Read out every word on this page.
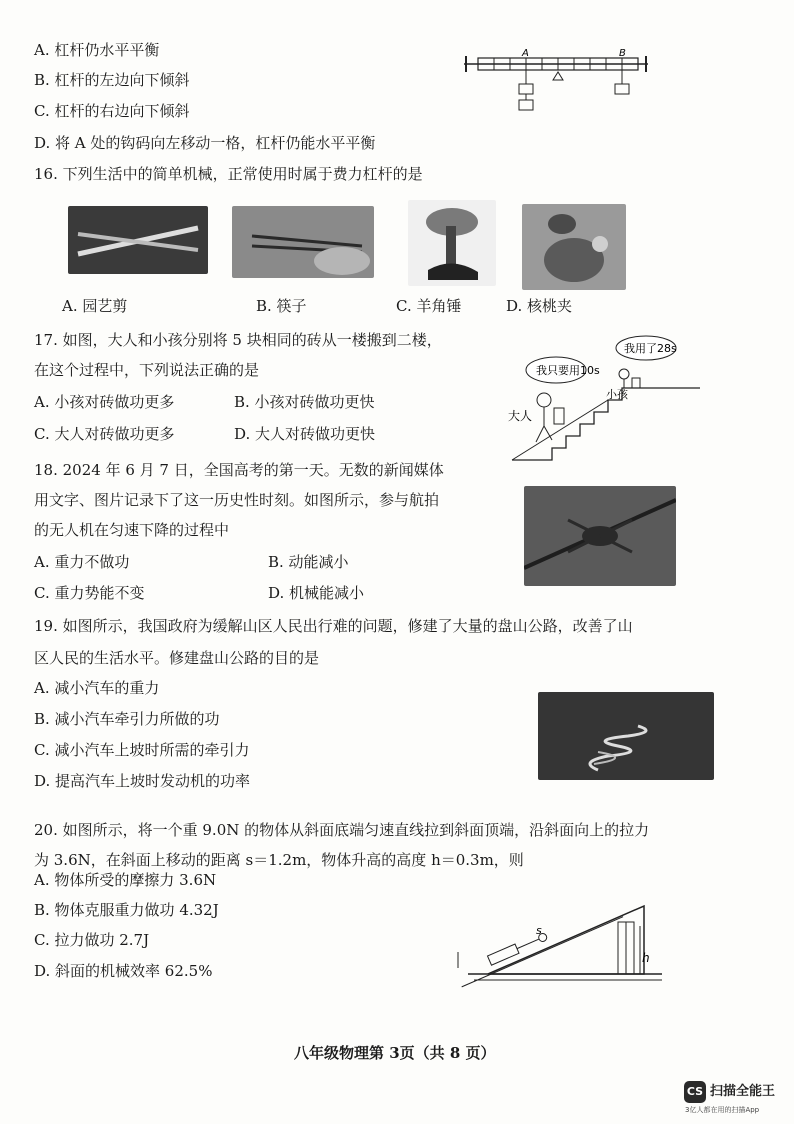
A. 杠杆仍水平平衡
B. 杠杆的左边向下倾斜
C. 杠杆的右边向下倾斜
D. 将 A 处的钩码向左移动一格，杠杆仍能水平平衡
A	B
16. 下列生活中的简单机械，正常使用时属于费力杠杆的是
A. 园艺剪	B. 筷子	C. 羊角锤	D. 核桃夹
17. 如图，大人和小孩分别将 5 块相同的砖从一楼搬到二楼，
在这个过程中，下列说法正确的是
A. 小孩对砖做功更多	B. 小孩对砖做功更快
C. 大人对砖做功更多	D. 大人对砖做功更快
我只要用10s
我用了28s
大人
小孩
18. 2024 年 6 月 7 日，全国高考的第一天。无数的新闻媒体
用文字、图片记录下了这一历史性时刻。如图所示，参与航拍
的无人机在匀速下降的过程中
A. 重力不做功	B. 动能减小
C. 重力势能不变	D. 机械能减小
19. 如图所示，我国政府为缓解山区人民出行难的问题，修建了大量的盘山公路，改善了山
区人民的生活水平。修建盘山公路的目的是
A. 减小汽车的重力
B. 减小汽车牵引力所做的功
C. 减小汽车上坡时所需的牵引力
D. 提高汽车上坡时发动机的功率
20. 如图所示，将一个重 9.0N 的物体从斜面底端匀速直线拉到斜面顶端，沿斜面向上的拉力
为 3.6N，在斜面上移动的距离 s＝1.2m，物体升高的高度 h＝0.3m，则
A. 物体所受的摩擦力 3.6N
B. 物体克服重力做功 4.32J
C. 拉力做功 2.7J
D. 斜面的机械效率 62.5%
h
s
八年级物理第 3页（共 8 页）
CS 扫描全能王
3亿人都在用的扫描App
